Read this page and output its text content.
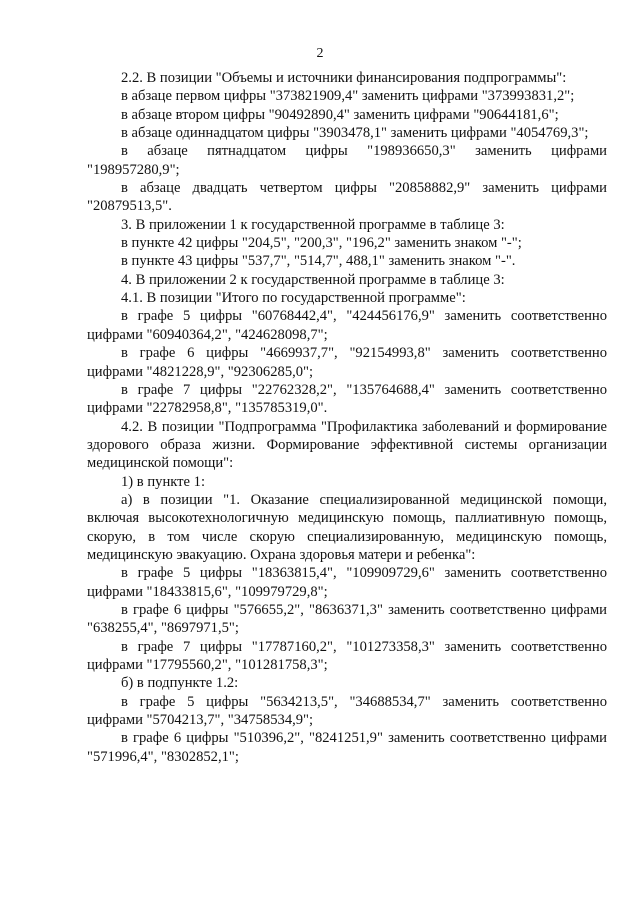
2

2.2. В позиции "Объемы и источники финансирования подпрограммы":

в абзаце первом цифры "373821909,4" заменить цифрами "373993831,2";

в абзаце втором цифры "90492890,4" заменить цифрами "90644181,6";

в абзаце одиннадцатом цифры "3903478,1" заменить цифрами "4054769,3";

в абзаце пятнадцатом цифры "198936650,3" заменить цифрами "198957280,9";

в абзаце двадцать четвертом цифры "20858882,9" заменить цифрами "20879513,5".

3. В приложении 1 к государственной программе в таблице 3:

в пункте 42 цифры "204,5", "200,3", "196,2" заменить знаком "-";

в пункте 43 цифры "537,7", "514,7", 488,1" заменить знаком "-".

4. В приложении 2 к государственной программе в таблице 3:

4.1. В позиции "Итого по государственной программе":

в графе 5 цифры "60768442,4", "424456176,9" заменить соответственно цифрами "60940364,2", "424628098,7";

в графе 6 цифры "4669937,7", "92154993,8" заменить соответственно цифрами "4821228,9", "92306285,0";

в графе 7 цифры "22762328,2", "135764688,4" заменить соответственно цифрами "22782958,8", "135785319,0".

4.2. В позиции "Подпрограмма "Профилактика заболеваний и формирование здорового образа жизни. Формирование эффективной системы организации медицинской помощи":

1) в пункте 1:

а) в позиции "1. Оказание специализированной медицинской помощи, включая высокотехнологичную медицинскую помощь, паллиативную помощь, скорую, в том числе скорую специализированную, медицинскую помощь, медицинскую эвакуацию. Охрана здоровья матери и ребенка":

в графе 5 цифры "18363815,4", "109909729,6" заменить соответственно цифрами "18433815,6", "109979729,8";

в графе 6 цифры "576655,2", "8636371,3" заменить соответственно цифрами "638255,4", "8697971,5";

в графе 7 цифры "17787160,2", "101273358,3" заменить соответственно цифрами "17795560,2", "101281758,3";

б) в подпункте 1.2:

в графе 5 цифры "5634213,5", "34688534,7" заменить соответственно цифрами "5704213,7", "34758534,9";

в графе 6 цифры "510396,2", "8241251,9" заменить соответственно цифрами "571996,4", "8302852,1";
